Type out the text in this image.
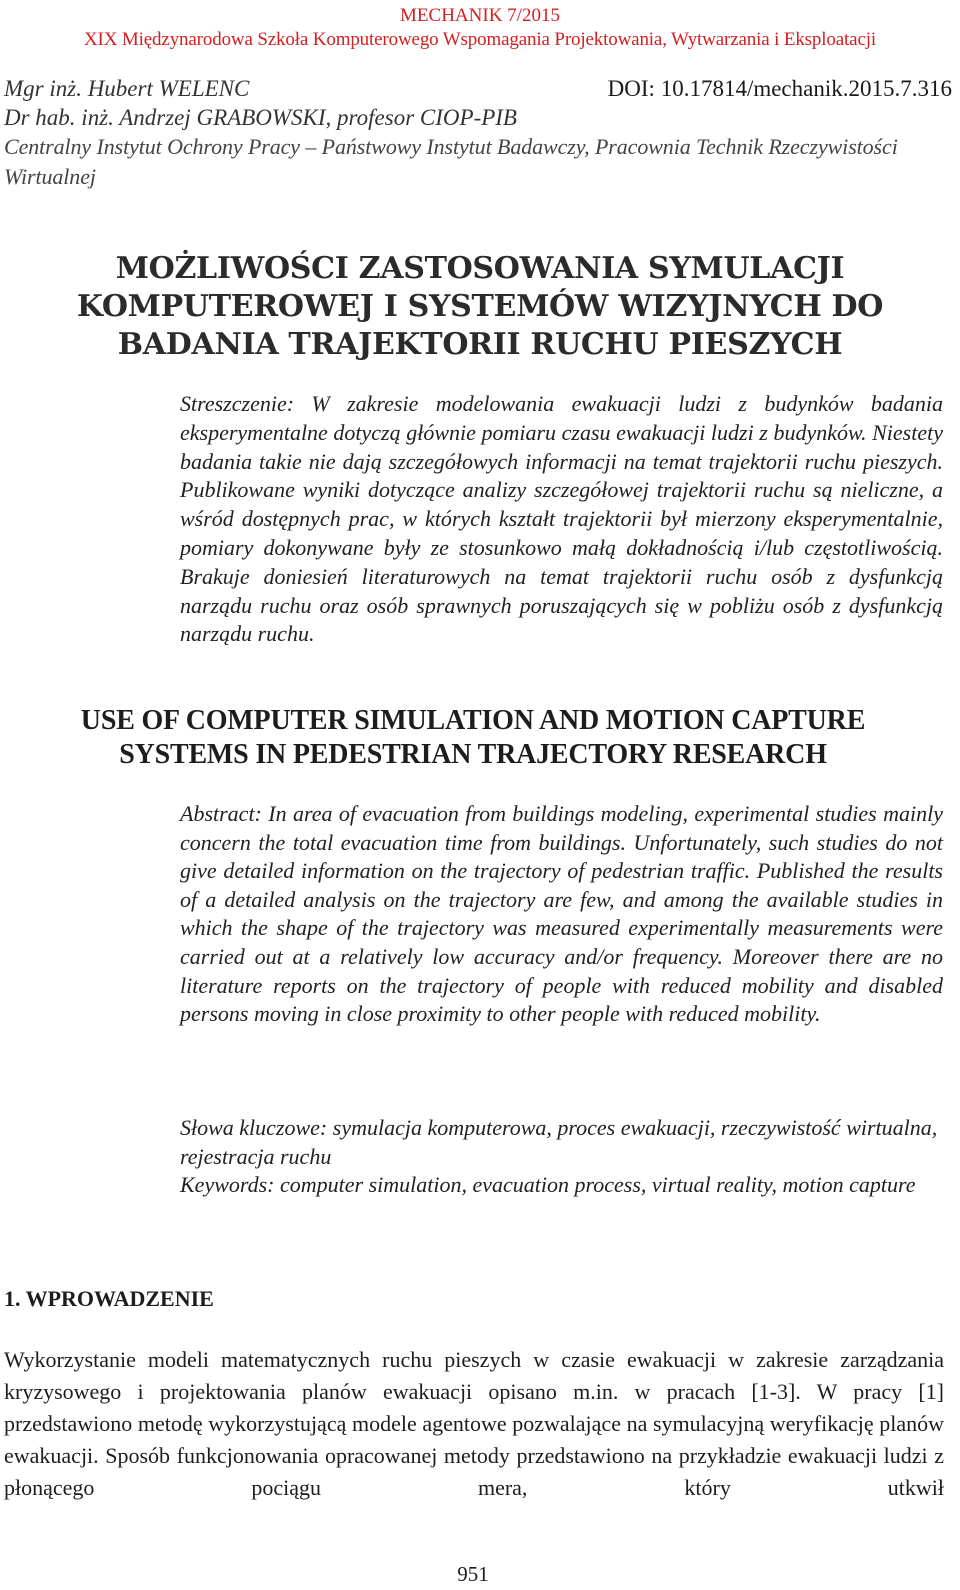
MECHANIK 7/2015
XIX Międzynarodowa Szkoła Komputerowego Wspomagania Projektowania, Wytwarzania i Eksploatacji
Mgr inż. Hubert WELENC	DOI: 10.17814/mechanik.2015.7.316
Dr hab. inż. Andrzej GRABOWSKI, profesor CIOP-PIB
Centralny Instytut Ochrony Pracy – Państwowy Instytut Badawczy, Pracownia Technik Rzeczywistości Wirtualnej
MOŻLIWOŚCI ZASTOSOWANIA SYMULACJI
KOMPUTEROWEJ I SYSTEMÓW WIZYJNYCH DO
BADANIA TRAJEKTORII RUCHU PIESZYCH
Streszczenie: W zakresie modelowania ewakuacji ludzi z budynków badania eksperymentalne dotyczą głównie pomiaru czasu ewakuacji ludzi z budynków. Niestety badania takie nie dają szczegółowych informacji na temat trajektorii ruchu pieszych. Publikowane wyniki dotyczące analizy szczegółowej trajektorii ruchu są nieliczne, a wśród dostępnych prac, w których kształt trajektorii był mierzony eksperymentalnie, pomiary dokonywane były ze stosunkowo małą dokładnością i/lub częstotliwością. Brakuje doniesień literaturowych na temat trajektorii ruchu osób z dysfunkcją narządu ruchu oraz osób sprawnych poruszających się w pobliżu osób z dysfunkcją narządu ruchu.
USE OF COMPUTER SIMULATION AND MOTION CAPTURE
SYSTEMS IN PEDESTRIAN TRAJECTORY RESEARCH
Abstract: In area of evacuation from buildings modeling, experimental studies mainly concern the total evacuation time from buildings. Unfortunately, such studies do not give detailed information on the trajectory of pedestrian traffic. Published the results of a detailed analysis on the trajectory are few, and among the available studies in which the shape of the trajectory was measured experimentally measurements were carried out at a relatively low accuracy and/or frequency. Moreover there are no literature reports on the trajectory of people with reduced mobility and disabled persons moving in close proximity to other people with reduced mobility.
Słowa kluczowe: symulacja komputerowa, proces ewakuacji, rzeczywistość wirtualna, rejestracja ruchu
Keywords: computer simulation, evacuation process, virtual reality, motion capture
1. WPROWADZENIE
Wykorzystanie modeli matematycznych ruchu pieszych w czasie ewakuacji w zakresie zarządzania kryzysowego i projektowania planów ewakuacji opisano m.in. w pracach [1-3]. W pracy [1] przedstawiono metodę wykorzystującą modele agentowe pozwalające na symulacyjną weryfikację planów ewakuacji. Sposób funkcjonowania opracowanej metody przedstawiono na przykładzie ewakuacji ludzi z płonącego pociągu mera, który utkwił
951
